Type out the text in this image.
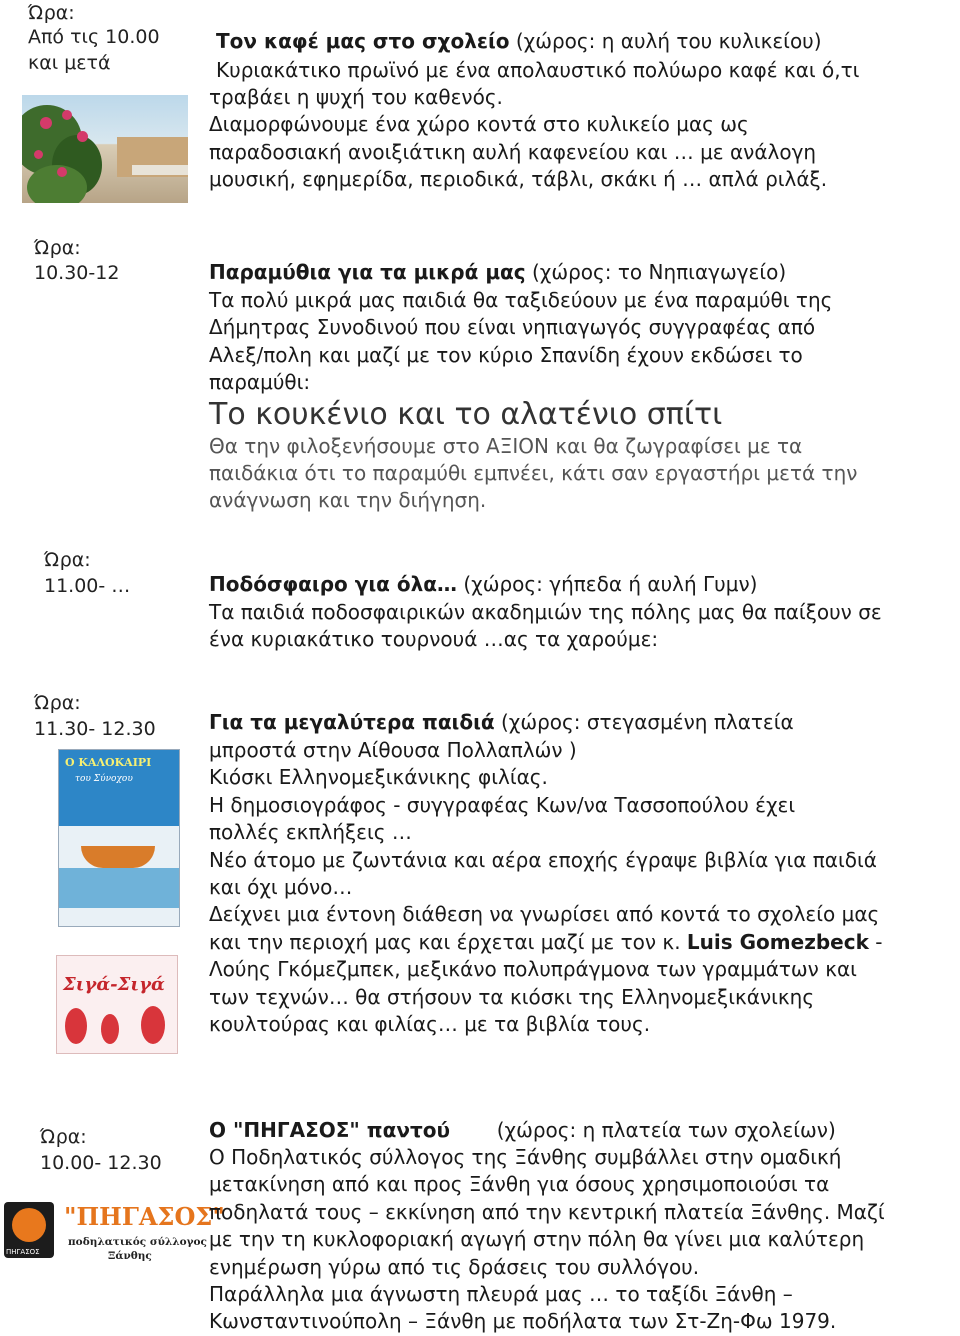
Ώρα:
Από τις 10.00
και μετά
Τον καφέ μας στο σχολείο (χώρος: η αυλή του κυλικείου)
Κυριακάτικο πρωϊνό με ένα απολαυστικό πολύωρο καφέ και ό,τι
τραβάει η ψυχή του καθενός.
Διαμορφώνουμε ένα χώρο κοντά στο κυλικείο μας ως
παραδοσιακή ανοιξιάτικη αυλή καφενείου και … με ανάλογη
μουσική, εφημερίδα, περιοδικά, τάβλι, σκάκι ή … απλά ριλάξ.
Ώρα:
10.30-12	Παραμύθια για τα μικρά μας (χώρος: το Νηπιαγωγείο)
Τα πολύ μικρά μας παιδιά θα ταξιδεύουν με ένα παραμύθι της
Δήμητρας Συνοδινού που είναι νηπιαγωγός συγγραφέας από
Αλεξ/πολη και μαζί με τον κύριο Σπανίδη έχουν εκδώσει το
παραμύθι:
Το κουκένιο και το αλατένιο σπίτι
Θα την φιλοξενήσουμε στο ΑΞΙΟΝ και θα ζωγραφίσει με τα
παιδάκια ότι το παραμύθι εμπνέει, κάτι σαν εργαστήρι μετά την
ανάγνωση και την διήγηση.
Ώρα:
11.00- …	Ποδόσφαιρο για όλα… (χώρος: γήπεδα ή αυλή Γυμν)
Τα παιδιά ποδοσφαιρικών ακαδημιών της πόλης μας θα παίξουν σε
ένα κυριακάτικο τουρνουά …ας τα χαρούμε:
Ώρα:
11.30- 12.30
Ο ΚΑΛΟΚΑΙΡΙ
του Σύνοχου
Σιγά-Σιγά
Για τα μεγαλύτερα παιδιά (χώρος: στεγασμένη πλατεία
μπροστά στην Αίθουσα Πολλαπλών )
Κιόσκι Ελληνομεξικάνικης φιλίας.
Η δημοσιογράφος - συγγραφέας Κων/να Τασσοπούλου έχει
πολλές εκπλήξεις …
Νέο άτομο με ζωντάνια και αέρα εποχής έγραψε βιβλία για παιδιά
και όχι μόνο…
Δείχνει μια έντονη διάθεση να γνωρίσει από κοντά το σχολείο μας
και την περιοχή μας και έρχεται μαζί με τον κ. Luis Gomezbeck -
Λούης Γκόμεζμπεκ, μεξικάνο πολυπράγμονα των γραμμάτων και
των τεχνών… θα στήσουν τα κιόσκι της Ελληνομεξικάνικης
κουλτούρας και φιλίας… με τα βιβλία τους.
Ώρα:
10.00- 12.30
ΠΗΓΑΣΟΣ
"ΠΗΓΑΣΟΣ"
ποδηλατικός σύλλογος
Ξάνθης
Ο "ΠΗΓΑΣΟΣ" παντού (χώρος: η πλατεία των σχολείων)
Ο Ποδηλατικός σύλλογος της Ξάνθης συμβάλλει στην ομαδική
μετακίνηση από και προς Ξάνθη για όσους χρησιμοποιούσι τα
ποδηλατά τους – εκκίνηση από την κεντρική πλατεία Ξάνθης. Μαζί
με την τη κυκλοφοριακή αγωγή στην πόλη θα γίνει μια καλύτερη
ενημέρωση γύρω από τις δράσεις του συλλόγου.
Παράλληλα μια άγνωστη πλευρά μας … το ταξίδι Ξάνθη –
Κωνσταντινούπολη – Ξάνθη με ποδήλατα των Στ-Ζη-Φω 1979.
